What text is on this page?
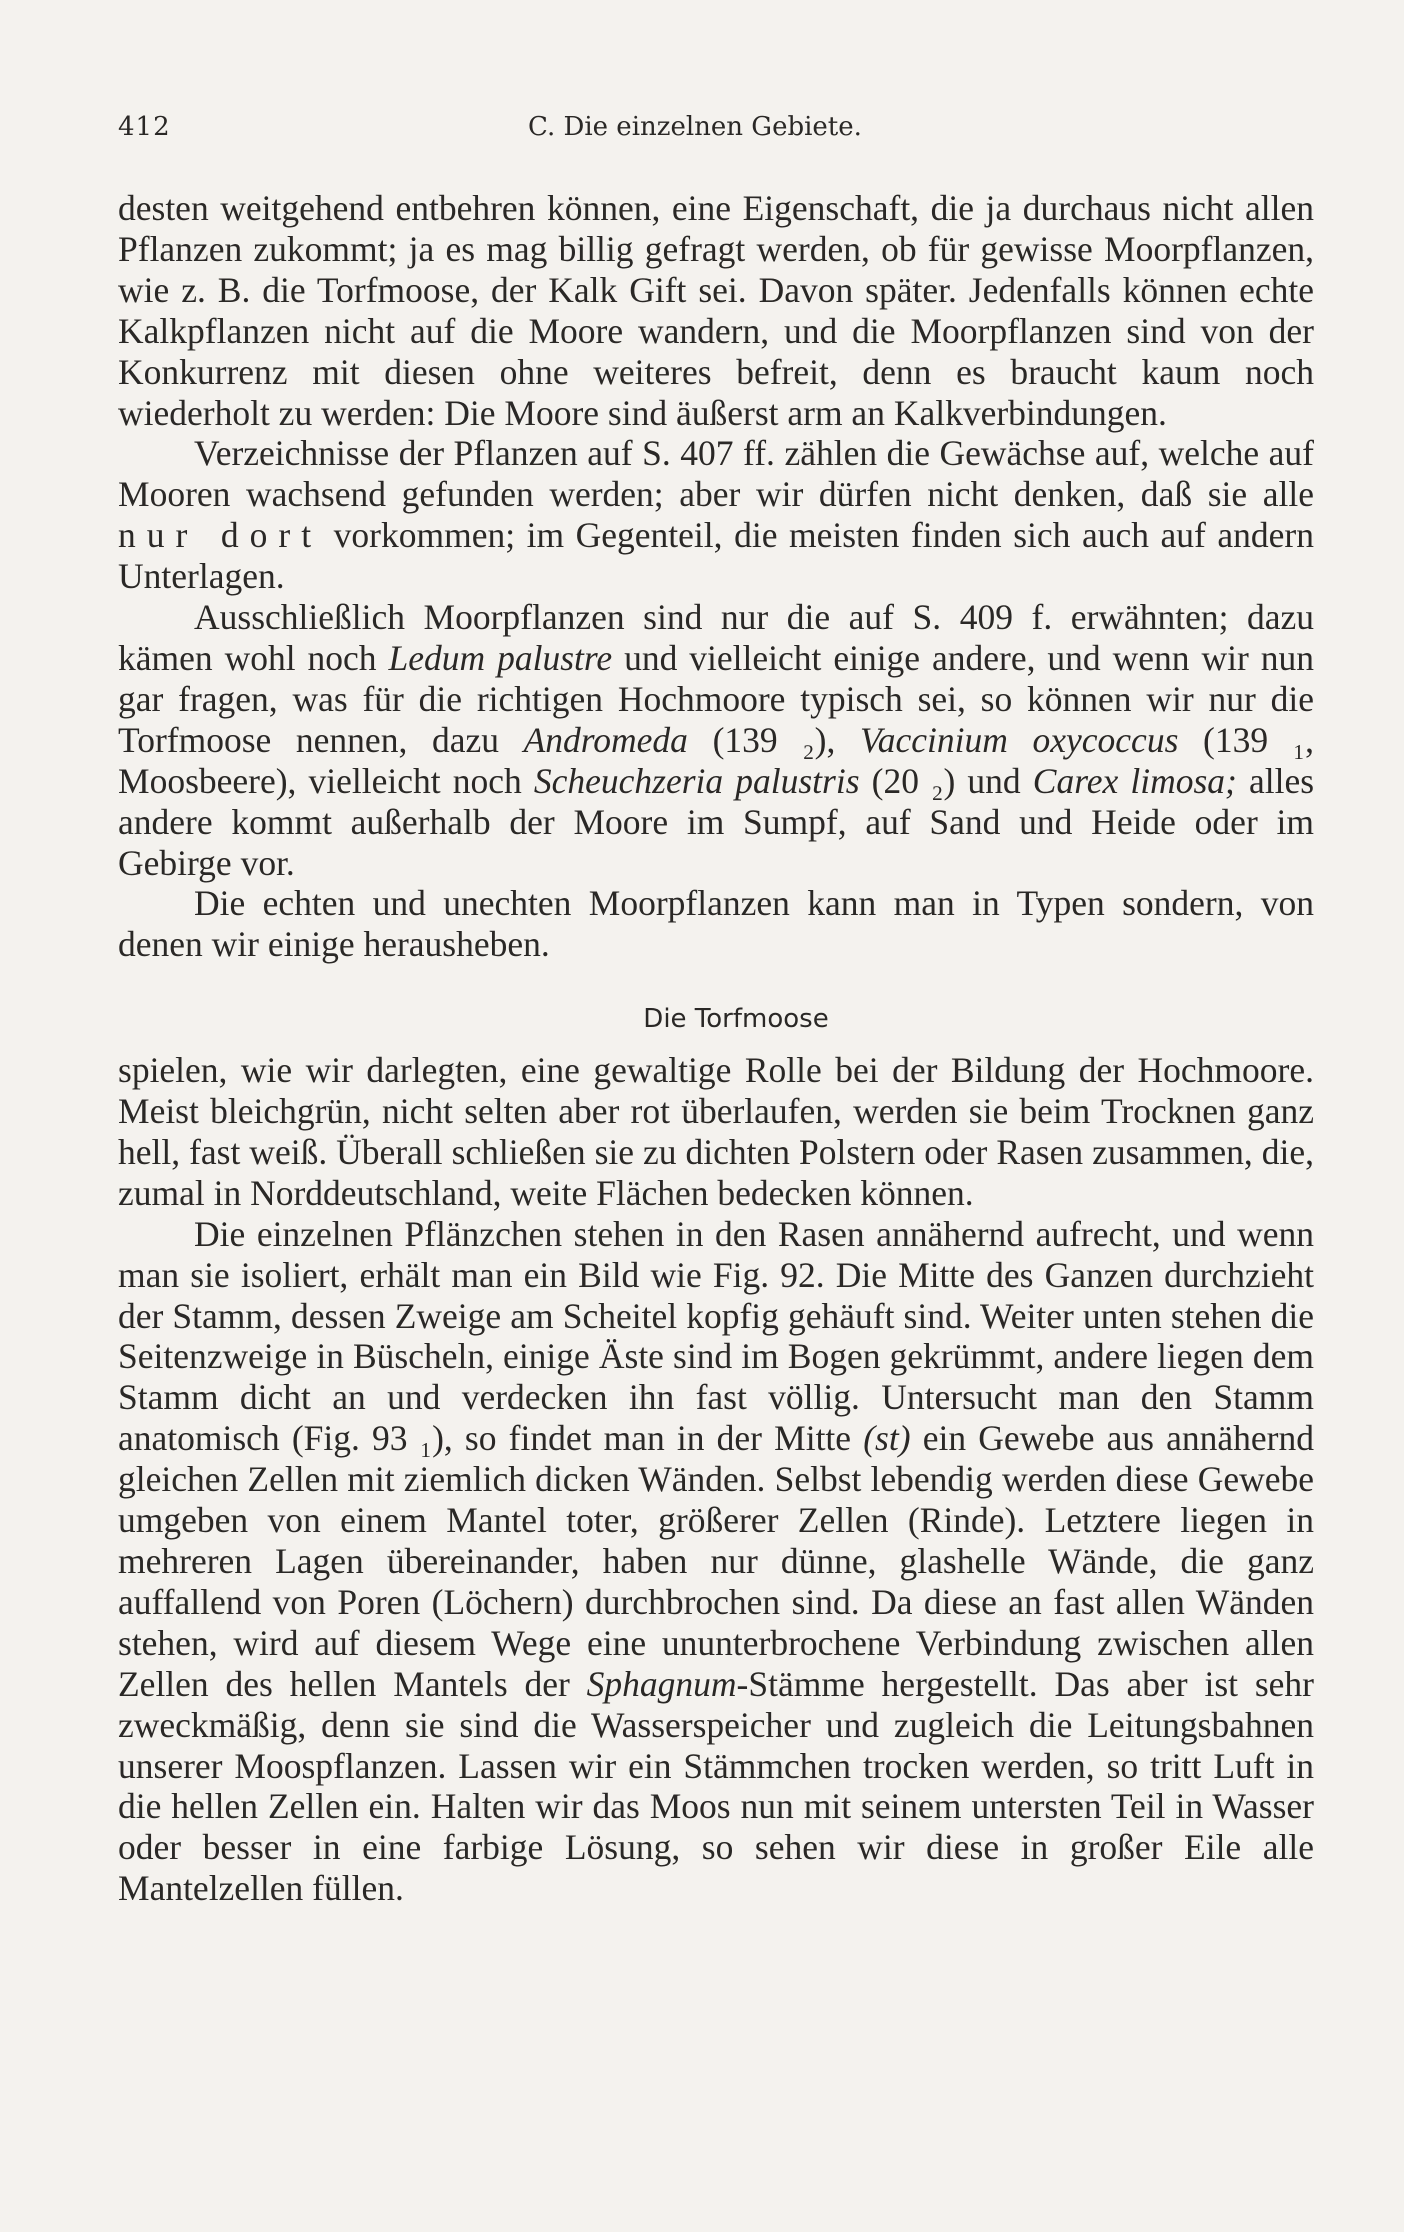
412	C. Die einzelnen Gebiete.

desten weitgehend entbehren können, eine Eigenschaft, die ja durchaus nicht allen Pflanzen zukommt; ja es mag billig gefragt werden, ob für gewisse Moorpflanzen, wie z. B. die Torfmoose, der Kalk Gift sei. Davon später. Jedenfalls können echte Kalkpflanzen nicht auf die Moore wandern, und die Moorpflanzen sind von der Konkurrenz mit diesen ohne weiteres befreit, denn es braucht kaum noch wiederholt zu werden: Die Moore sind äußerst arm an Kalkverbindungen.

Verzeichnisse der Pflanzen auf S. 407 ff. zählen die Gewächse auf, welche auf Mooren wachsend gefunden werden; aber wir dürfen nicht denken, daß sie alle nur dort vorkommen; im Gegenteil, die meisten finden sich auch auf andern Unterlagen.

Ausschließlich Moorpflanzen sind nur die auf S. 409 f. erwähnten; dazu kämen wohl noch Ledum palustre und vielleicht einige andere, und wenn wir nun gar fragen, was für die richtigen Hochmoore typisch sei, so können wir nur die Torfmoose nennen, dazu Andromeda (139 ₂), Vaccinium oxycoccus (139 ₁, Moosbeere), vielleicht noch Scheuchzeria palustris (20 ₂) und Carex limosa; alles andere kommt außerhalb der Moore im Sumpf, auf Sand und Heide oder im Gebirge vor.

Die echten und unechten Moorpflanzen kann man in Typen sondern, von denen wir einige herausheben.

Die Torfmoose

spielen, wie wir darlegten, eine gewaltige Rolle bei der Bildung der Hochmoore. Meist bleichgrün, nicht selten aber rot überlaufen, werden sie beim Trocknen ganz hell, fast weiß. Überall schließen sie zu dichten Polstern oder Rasen zusammen, die, zumal in Norddeutschland, weite Flächen bedecken können.

Die einzelnen Pflänzchen stehen in den Rasen annähernd aufrecht, und wenn man sie isoliert, erhält man ein Bild wie Fig. 92. Die Mitte des Ganzen durchzieht der Stamm, dessen Zweige am Scheitel kopfig gehäuft sind. Weiter unten stehen die Seitenzweige in Büscheln, einige Äste sind im Bogen gekrümmt, andere liegen dem Stamm dicht an und verdecken ihn fast völlig. Untersucht man den Stamm anatomisch (Fig. 93 ₁), so findet man in der Mitte (st) ein Gewebe aus annähernd gleichen Zellen mit ziemlich dicken Wänden. Selbst lebendig werden diese Gewebe umgeben von einem Mantel toter, größerer Zellen (Rinde). Letztere liegen in mehreren Lagen übereinander, haben nur dünne, glashelle Wände, die ganz auffallend von Poren (Löchern) durchbrochen sind. Da diese an fast allen Wänden stehen, wird auf diesem Wege eine ununterbrochene Verbindung zwischen allen Zellen des hellen Mantels der Sphagnum-Stämme hergestellt. Das aber ist sehr zweckmäßig, denn sie sind die Wasserspeicher und zugleich die Leitungsbahnen unserer Moospflanzen. Lassen wir ein Stämmchen trocken werden, so tritt Luft in die hellen Zellen ein. Halten wir das Moos nun mit seinem untersten Teil in Wasser oder besser in eine farbige Lösung, so sehen wir diese in großer Eile alle Mantelzellen füllen.
